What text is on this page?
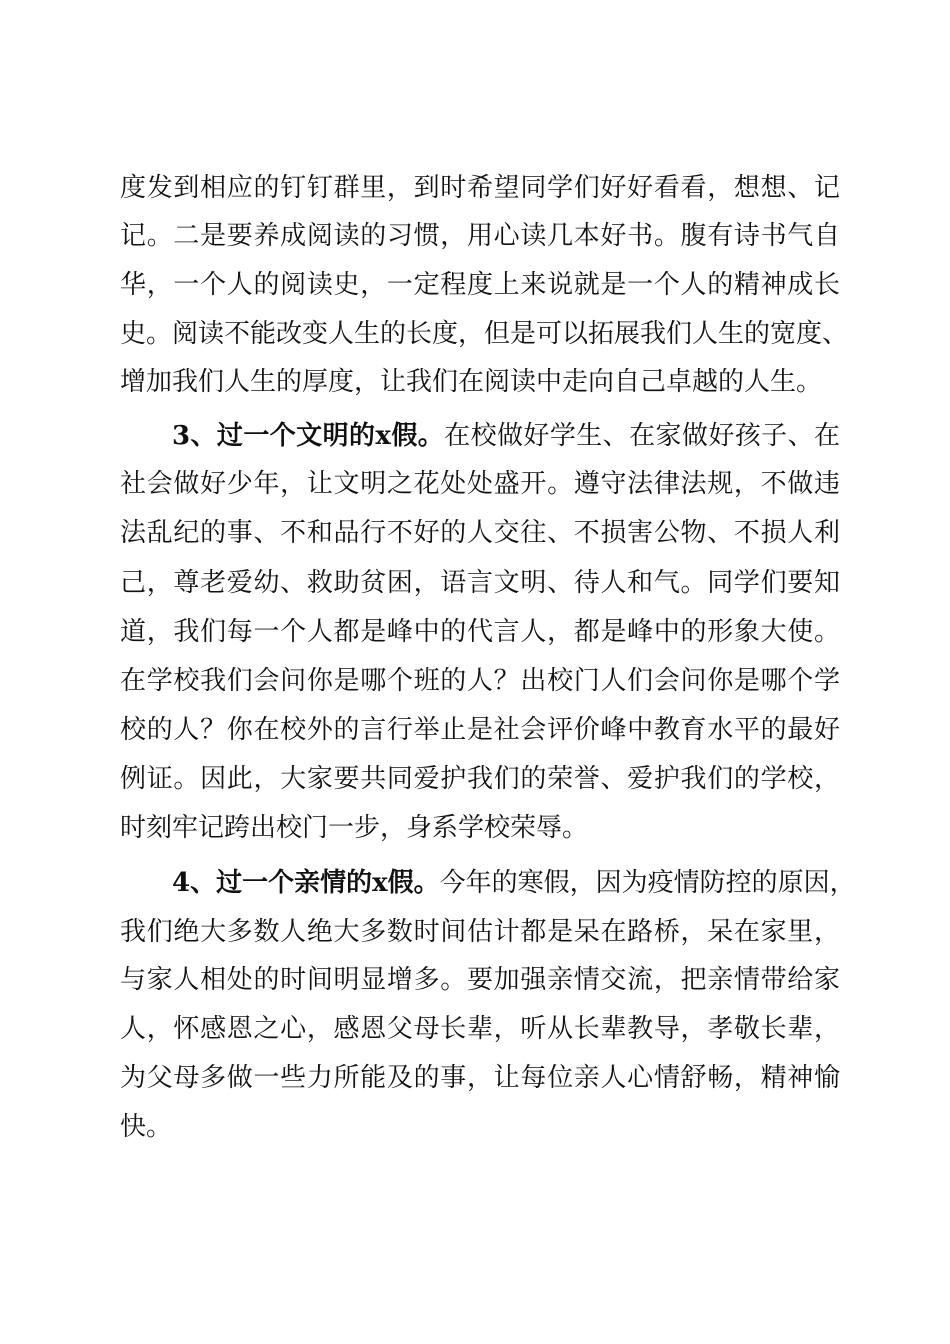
度发到相应的钉钉群里，到时希望同学们好好看看，想想、记
记。二是要养成阅读的习惯，用心读几本好书。腹有诗书气自
华，一个人的阅读史，一定程度上来说就是一个人的精神成长
史。阅读不能改变人生的长度，但是可以拓展我们人生的宽度、
增加我们人生的厚度，让我们在阅读中走向自己卓越的人生。
3、过一个文明的x假。在校做好学生、在家做好孩子、在
社会做好少年，让文明之花处处盛开。遵守法律法规，不做违
法乱纪的事、不和品行不好的人交往、不损害公物、不损人利
己，尊老爱幼、救助贫困，语言文明、待人和气。同学们要知
道，我们每一个人都是峰中的代言人，都是峰中的形象大使。
在学校我们会问你是哪个班的人？出校门人们会问你是哪个学
校的人？你在校外的言行举止是社会评价峰中教育水平的最好
例证。因此，大家要共同爱护我们的荣誉、爱护我们的学校，
时刻牢记跨出校门一步，身系学校荣辱。
4、过一个亲情的x假。今年的寒假，因为疫情防控的原因，
我们绝大多数人绝大多数时间估计都是呆在路桥，呆在家里，
与家人相处的时间明显增多。要加强亲情交流，把亲情带给家
人，怀感恩之心，感恩父母长辈，听从长辈教导，孝敬长辈，
为父母多做一些力所能及的事，让每位亲人心情舒畅，精神愉
快。
